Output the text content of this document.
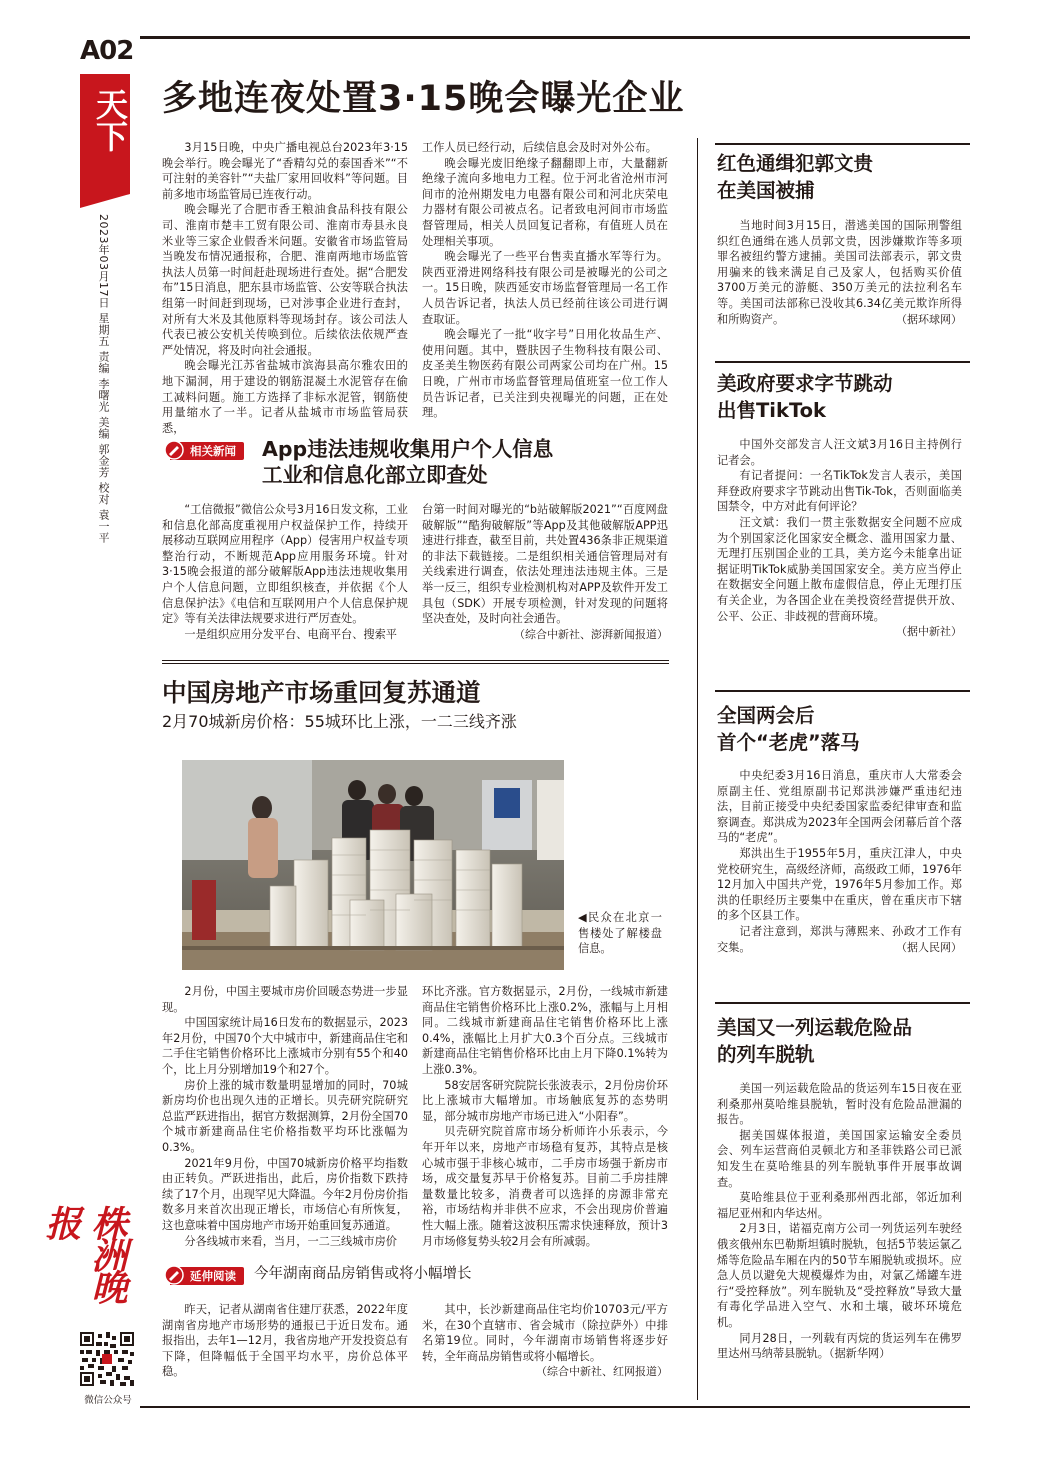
A02
天下
2023年03月17日 星期五 责编 李曙光 美编 郭金芳 校对 袁一平
株洲晚报
微信公众号
多地连夜处置3·15晚会曝光企业

3月15日晚，中央广播电视总台2023年3·15晚会举行。晚会曝光了“香精勾兑的泰国香米”“不可注射的美容针”“夫盐厂家用回收料”等问题。目前多地市场监管局已连夜行动。

晚会曝光了合肥市香王粮油食品科技有限公司、淮南市楚丰工贸有限公司、淮南市寿县永良米业等三家企业假香米问题。安徽省市场监管局当晚发布情况通报称，合肥、淮南两地市场监管执法人员第一时间赶赴现场进行查处。据“合肥发布”15日消息，肥东县市场监管、公安等联合执法组第一时间赶到现场，已对涉事企业进行查封，对所有大米及其他原料等现场封存。该公司法人代表已被公安机关传唤到位。后续依法依规严查严处情况，将及时向社会通报。

晚会曝光江苏省盐城市滨海县高尔雅农田的地下漏洞，用于建设的钢筋混凝土水泥管存在偷工减料问题。施工方选择了非标水泥管，钢筋使用量缩水了一半。记者从盐城市市场监管局获悉，

工作人员已经行动，后续信息会及时对外公布。

晚会曝光废旧绝缘子翻翻即上市，大量翻新绝缘子流向多地电力工程。位于河北省沧州市河间市的沧州期发电力电器有限公司和河北庆荣电力器材有限公司被点名。记者致电河间市市场监督管理局，相关人员回复记者称，有值班人员在处理相关事项。

晚会曝光了一些平台售卖直播水军等行为。陕西亚滑进网络科技有限公司是被曝光的公司之一。15日晚，陕西延安市场监督管理局一名工作人员告诉记者，执法人员已经前往该公司进行调查取证。

晚会曝光了一批“收字号”日用化妆品生产、使用问题。其中，暨肤因子生物科技有限公司、皮圣美生物医药有限公司两家公司均在广州。15日晚，广州市市场监督管理局值班室一位工作人员告诉记者，已关注到央视曝光的问题，正在处理。

相关新闻 App违法违规收集用户个人信息
工业和信息化部立即查处

“工信微报”微信公众号3月16日发文称，工业和信息化部高度重视用户权益保护工作，持续开展移动互联网应用程序（App）侵害用户权益专项整治行动，不断规范App应用服务环境。针对3·15晚会报道的部分破解版App违法违规收集用户个人信息问题，立即组织核查，并依据《个人信息保护法》《电信和互联网用户个人信息保护规定》等有关法律法规要求进行严厉查处。

一是组织应用分发平台、电商平台、搜索平

台第一时间对曝光的“b站破解版2021”“百度网盘破解版”“酷狗破解版”等App及其他破解版APP迅速进行排查，截至目前，共处置436条非正规渠道的非法下载链接。二是组织相关通信管理局对有关线索进行调查，依法处理违法违规主体。三是举一反三，组织专业检测机构对APP及软件开发工具包（SDK）开展专项检测，针对发现的问题将坚决查处，及时向社会通告。

（综合中新社、澎湃新闻报道）

中国房地产市场重回复苏通道
2月70城新房价格：55城环比上涨，一二三线齐涨
◀民众在北京一售楼处了解楼盘信息。

2月份，中国主要城市房价回暖态势进一步显现。

中国国家统计局16日发布的数据显示，2023年2月份，中国70个大中城市中，新建商品住宅和二手住宅销售价格环比上涨城市分别有55个和40个，比上月分别增加19个和27个。

房价上涨的城市数量明显增加的同时，70城新房均价也出现久违的正增长。贝壳研究院研究总监严跃进指出，据官方数据测算，2月份全国70个城市新建商品住宅价格指数平均环比涨幅为0.3%。

2021年9月份，中国70城新房价格平均指数由正转负。严跃进指出，此后，房价指数下跌持续了17个月，出现罕见大降温。今年2月份房价指数多月来首次出现正增长，市场信心有所恢复，这也意味着中国房地产市场开始重回复苏通道。

分各线城市来看，当月，一二三线城市房价

环比齐涨。官方数据显示，2月份，一线城市新建商品住宅销售价格环比上涨0.2%，涨幅与上月相同。二线城市新建商品住宅销售价格环比上涨0.4%，涨幅比上月扩大0.3个百分点。三线城市新建商品住宅销售价格环比由上月下降0.1%转为上涨0.3%。

58安居客研究院院长张波表示，2月份房价环比上涨城市大幅增加。市场触底复苏的态势明显，部分城市房地产市场已进入“小阳春”。

贝壳研究院首席市场分析师许小乐表示，今年开年以来，房地产市场稳有复苏，其特点是核心城市强于非核心城市，二手房市场强于新房市场，成交量复苏早于价格复苏。目前二手房挂牌量数量比较多，消费者可以选择的房源非常充裕，市场结构并非供不应求，不会出现房价普遍性大幅上涨。随着这波积压需求快速释放，预计3月市场修复势头较2月会有所减弱。

延伸阅读 今年湖南商品房销售或将小幅增长

昨天，记者从湖南省住建厅获悉，2022年度湖南省房地产市场形势的通报已于近日发布。通报指出，去年1—12月，我省房地产开发投资总有下降，但降幅低于全国平均水平，房价总体平稳。

其中，长沙新建商品住宅均价10703元/平方米，在30个直辖市、省会城市（除拉萨外）中排名第19位。同时，今年湖南市场销售将逐步好转，全年商品房销售或将小幅增长。

（综合中新社、红网报道）

红色通缉犯郭文贵
在美国被捕

当地时间3月15日，潜逃美国的国际刑警组织红色通缉在逃人员郭文贵，因涉嫌欺诈等多项罪名被纽约警方逮捕。美国司法部表示，郭文贵用骗来的钱来满足自己及家人，包括购买价值3700万美元的游艇、350万美元的法拉利名车等。美国司法部称已没收其6.34亿美元欺诈所得和所购资产。	（据环球网）

美政府要求字节跳动
出售TikTok

中国外交部发言人汪文斌3月16日主持例行记者会。

有记者提问：一名TikTok发言人表示，美国拜登政府要求字节跳动出售Tik-Tok，否则面临美国禁令，中方对此有何评论？

汪文斌：我们一贯主张数据安全问题不应成为个别国家泛化国家安全概念、滥用国家力量、无理打压别国企业的工具，美方迄今未能拿出证据证明TikTok威胁美国国家安全。美方应当停止在数据安全问题上散布虚假信息，停止无理打压有关企业，为各国企业在美投资经营提供开放、公平、公正、非歧视的营商环境。

（据中新社）

全国两会后
首个“老虎”落马

中央纪委3月16日消息，重庆市人大常委会原副主任、党组原副书记郑洪涉嫌严重违纪违法，目前正接受中央纪委国家监委纪律审查和监察调查。郑洪成为2023年全国两会闭幕后首个落马的“老虎”。

郑洪出生于1955年5月，重庆江津人，中央党校研究生，高级经济师，高级政工师，1976年12月加入中国共产党，1976年5月参加工作。郑洪的任职经历主要集中在重庆，曾在重庆市下辖的多个区县工作。

记者注意到，郑洪与薄熙来、孙政才工作有交集。	（据人民网）

美国又一列运载危险品
的列车脱轨

美国一列运载危险品的货运列车15日夜在亚利桑那州莫哈维县脱轨，暂时没有危险品泄漏的报告。

据美国媒体报道，美国国家运输安全委员会、列车运营商伯灵顿北方和圣菲铁路公司已派知发生在莫哈维县的列车脱轨事件开展事故调查。

莫哈维县位于亚利桑那州西北部，邻近加利福尼亚州和内华达州。

2月3日，诺福克南方公司一列货运列车驶经俄亥俄州东巴勒斯坦镇时脱轨，包括5节装运氯乙烯等危险品车厢在内的50节车厢脱轨或损坏。应急人员以避免大规模爆炸为由，对氯乙烯罐车进行“受控释放”。列车脱轨及“受控释放”导致大量有毒化学品进入空气、水和土壤，破坏环境危机。

同月28日，一列载有丙烷的货运列车在佛罗里达州马纳蒂县脱轨。（据新华网）
